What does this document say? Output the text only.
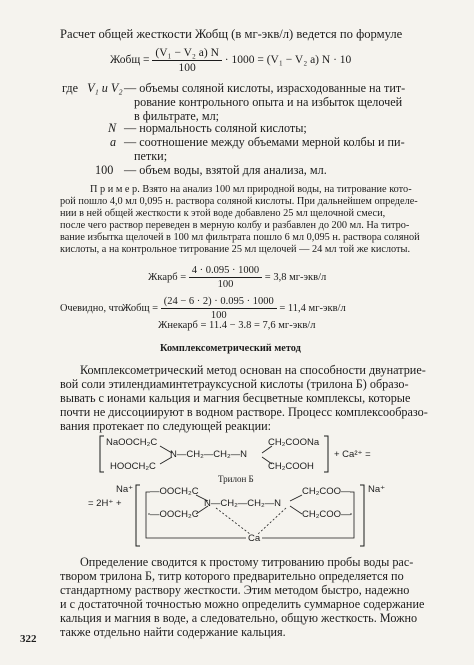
Расчет общей жесткости Жобщ (в мг-экв/л) ведется по формуле
Жобщ = $\frac{\text{(V₁ − V₂ a) N}}{100} \cdot 1000 = (V_1 - V_2$ a) N · 10
где V₁ и V₂ — объемы соляной кислоты, израсходованные на тит-
рование контрольного опыта и на избыток щелочей
в фильтрате, мл;
N — нормальность соляной кислоты;
a — соотношение между объемами мерной колбы и пи-
петки;
100 — объем воды, взятой для анализа, мл.
П р и м е р. Взято на анализ 100 мл природной воды, на титрование кото-
рой пошло 4,0 мл 0,095 н. раствора соляной кислоты. При дальнейшем определе-
нии в ней общей жесткости к этой воде добавлено 25 мл щелочной смеси,
после чего раствор переведен в мерную колбу и разбавлен до 200 мл. На титро-
вание избытка щелочей в 100 мл фильтрата пошло 6 мл 0,095 н. раствора соляной
кислоты, а на контрольное титрование 25 мл щелочей — 24 мл той же кислоты.
Жкарб = $\frac{4 \cdot 0.095 \cdot 1000}{100} = 3,8$ мг-экв/л
Жобщ = $\frac{(24 - 6 \cdot 2) \cdot 0.095 \cdot 1000}{100} = 11,4$ мг-экв/л
Очевидно, что
Жнекарб = 11.4 − 3.8 = 7,6 мг-экв/л
Комплексометрический метод
Комплексометрический метод основан на способности двунатрие-
вой соли этилендиаминтетрауксусной кислоты (трилона Б) образо-
вывать с ионами кальция и магния бесцветные комплексы, которые
почти не диссоциируют в водном растворе. Процесс комплексообразо-
вания протекает по следующей реакции:
NaOOCH₂C
HOOCH₂C
N—CH₂—CH₂—N
CH₂COONa
CH₂COOH
+ Ca²⁺ =
Трилон Б
Na⁺
= 2H⁺ +
—OOCH₂C
—OOCH₂C
N—CH₂—CH₂—N
CH₂COO—
CH₂COO—
Na⁺
Ca
Определение сводится к простому титрованию пробы воды рас-
твором трилона Б, титр которого предварительно определяется по
стандартному раствору жесткости. Этим методом быстро, надежно
и с достаточной точностью можно определить суммарное содержание
кальция и магния в воде, а следовательно, общую жесткость. Можно
также отдельно найти содержание кальция.
322
